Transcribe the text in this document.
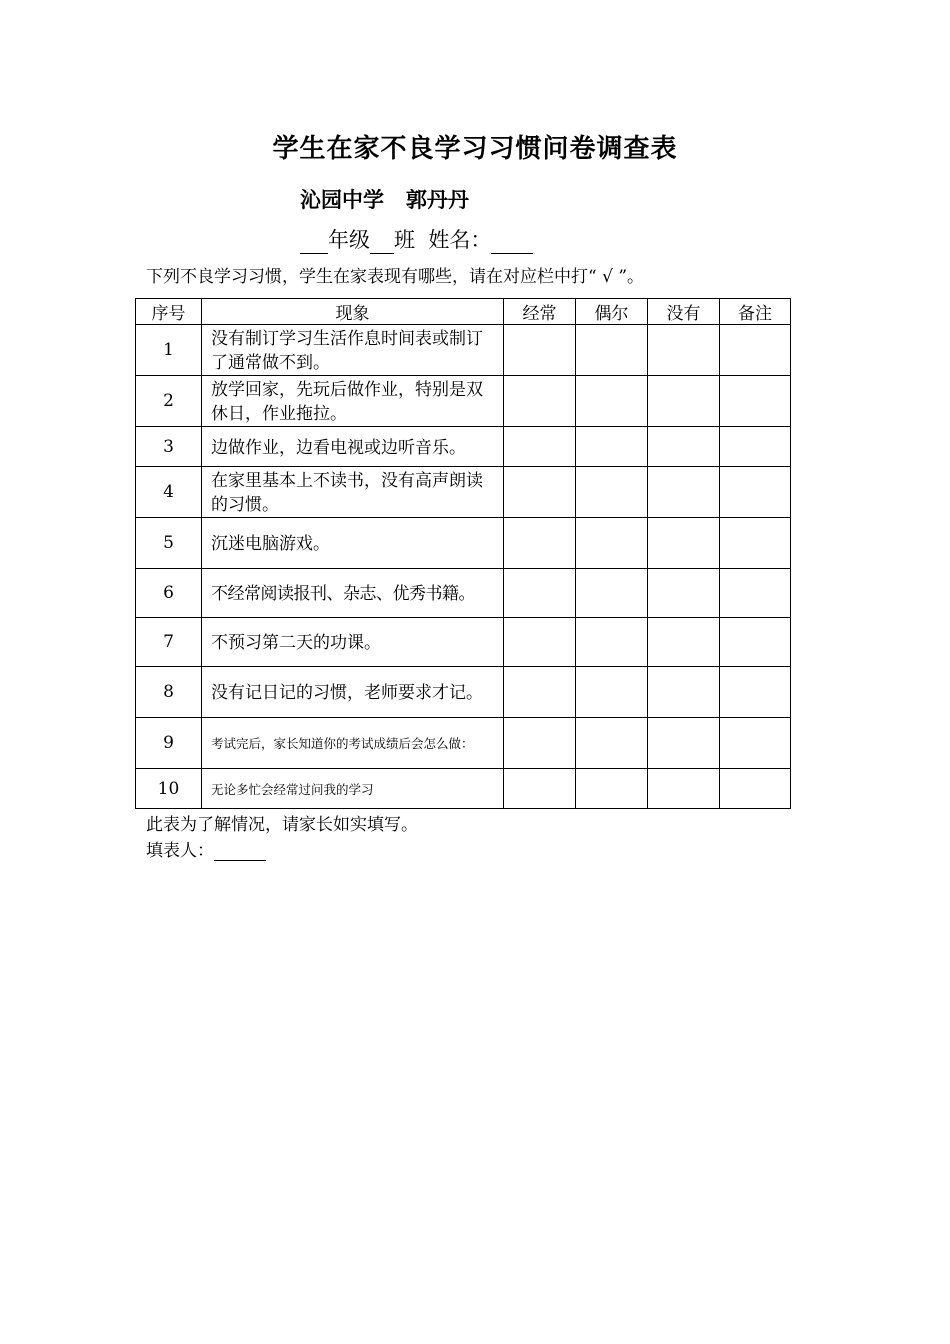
学生在家不良学习习惯问卷调查表
沁园中学   郭丹丹
年级 班 姓名：
下列不良学习习惯，学生在家表现有哪些，请在对应栏中打“ √ ”。
序号	现象	经常	偶尔	没有	备注
1	没有制订学习生活作息时间表或制订了通常做不到。				
2	放学回家，先玩后做作业，特别是双休日，作业拖拉。				
3	边做作业，边看电视或边听音乐。				
4	在家里基本上不读书，没有高声朗读的习惯。				
5	沉迷电脑游戏。				
6	不经常阅读报刊、杂志、优秀书籍。				
7	不预习第二天的功课。				
8	没有记日记的习惯，老师要求才记。				
9	考试完后，家长知道你的考试成绩后会怎么做：				
10	无论多忙会经常过问我的学习				
此表为了解情况，请家长如实填写。
填表人：
